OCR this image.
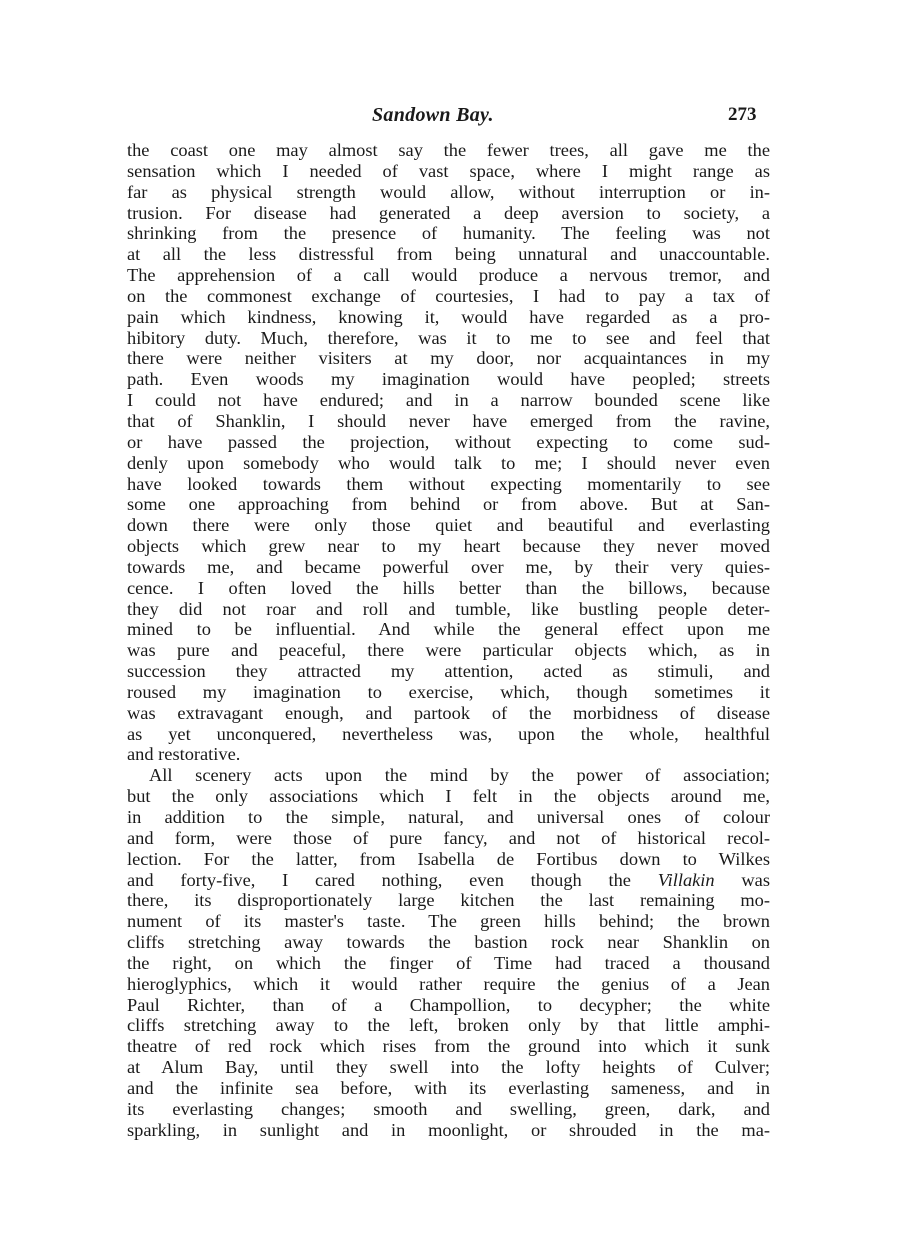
Sandown Bay.	273
the coast one may almost say the fewer trees, all gave me the
sensation which I needed of vast space, where I might range as
far as physical strength would allow, without interruption or in-
trusion. For disease had generated a deep aversion to society, a
shrinking from the presence of humanity. The feeling was not
at all the less distressful from being unnatural and unaccountable.
The apprehension of a call would produce a nervous tremor, and
on the commonest exchange of courtesies, I had to pay a tax of
pain which kindness, knowing it, would have regarded as a pro-
hibitory duty. Much, therefore, was it to me to see and feel that
there were neither visiters at my door, nor acquaintances in my
path. Even woods my imagination would have peopled; streets
I could not have endured; and in a narrow bounded scene like
that of Shanklin, I should never have emerged from the ravine,
or have passed the projection, without expecting to come sud-
denly upon somebody who would talk to me; I should never even
have looked towards them without expecting momentarily to see
some one approaching from behind or from above. But at San-
down there were only those quiet and beautiful and everlasting
objects which grew near to my heart because they never moved
towards me, and became powerful over me, by their very quies-
cence. I often loved the hills better than the billows, because
they did not roar and roll and tumble, like bustling people deter-
mined to be influential. And while the general effect upon me
was pure and peaceful, there were particular objects which, as in
succession they attracted my attention, acted as stimuli, and
roused my imagination to exercise, which, though sometimes it
was extravagant enough, and partook of the morbidness of disease
as yet unconquered, nevertheless was, upon the whole, healthful
and restorative.
All scenery acts upon the mind by the power of association;
but the only associations which I felt in the objects around me,
in addition to the simple, natural, and universal ones of colour
and form, were those of pure fancy, and not of historical recol-
lection. For the latter, from Isabella de Fortibus down to Wilkes
and forty-five, I cared nothing, even though the Villakin was
there, its disproportionately large kitchen the last remaining mo-
nument of its master's taste. The green hills behind; the brown
cliffs stretching away towards the bastion rock near Shanklin on
the right, on which the finger of Time had traced a thousand
hieroglyphics, which it would rather require the genius of a Jean
Paul Richter, than of a Champollion, to decypher; the white
cliffs stretching away to the left, broken only by that little amphi-
theatre of red rock which rises from the ground into which it sunk
at Alum Bay, until they swell into the lofty heights of Culver;
and the infinite sea before, with its everlasting sameness, and in
its everlasting changes; smooth and swelling, green, dark, and
sparkling, in sunlight and in moonlight, or shrouded in the ma-
